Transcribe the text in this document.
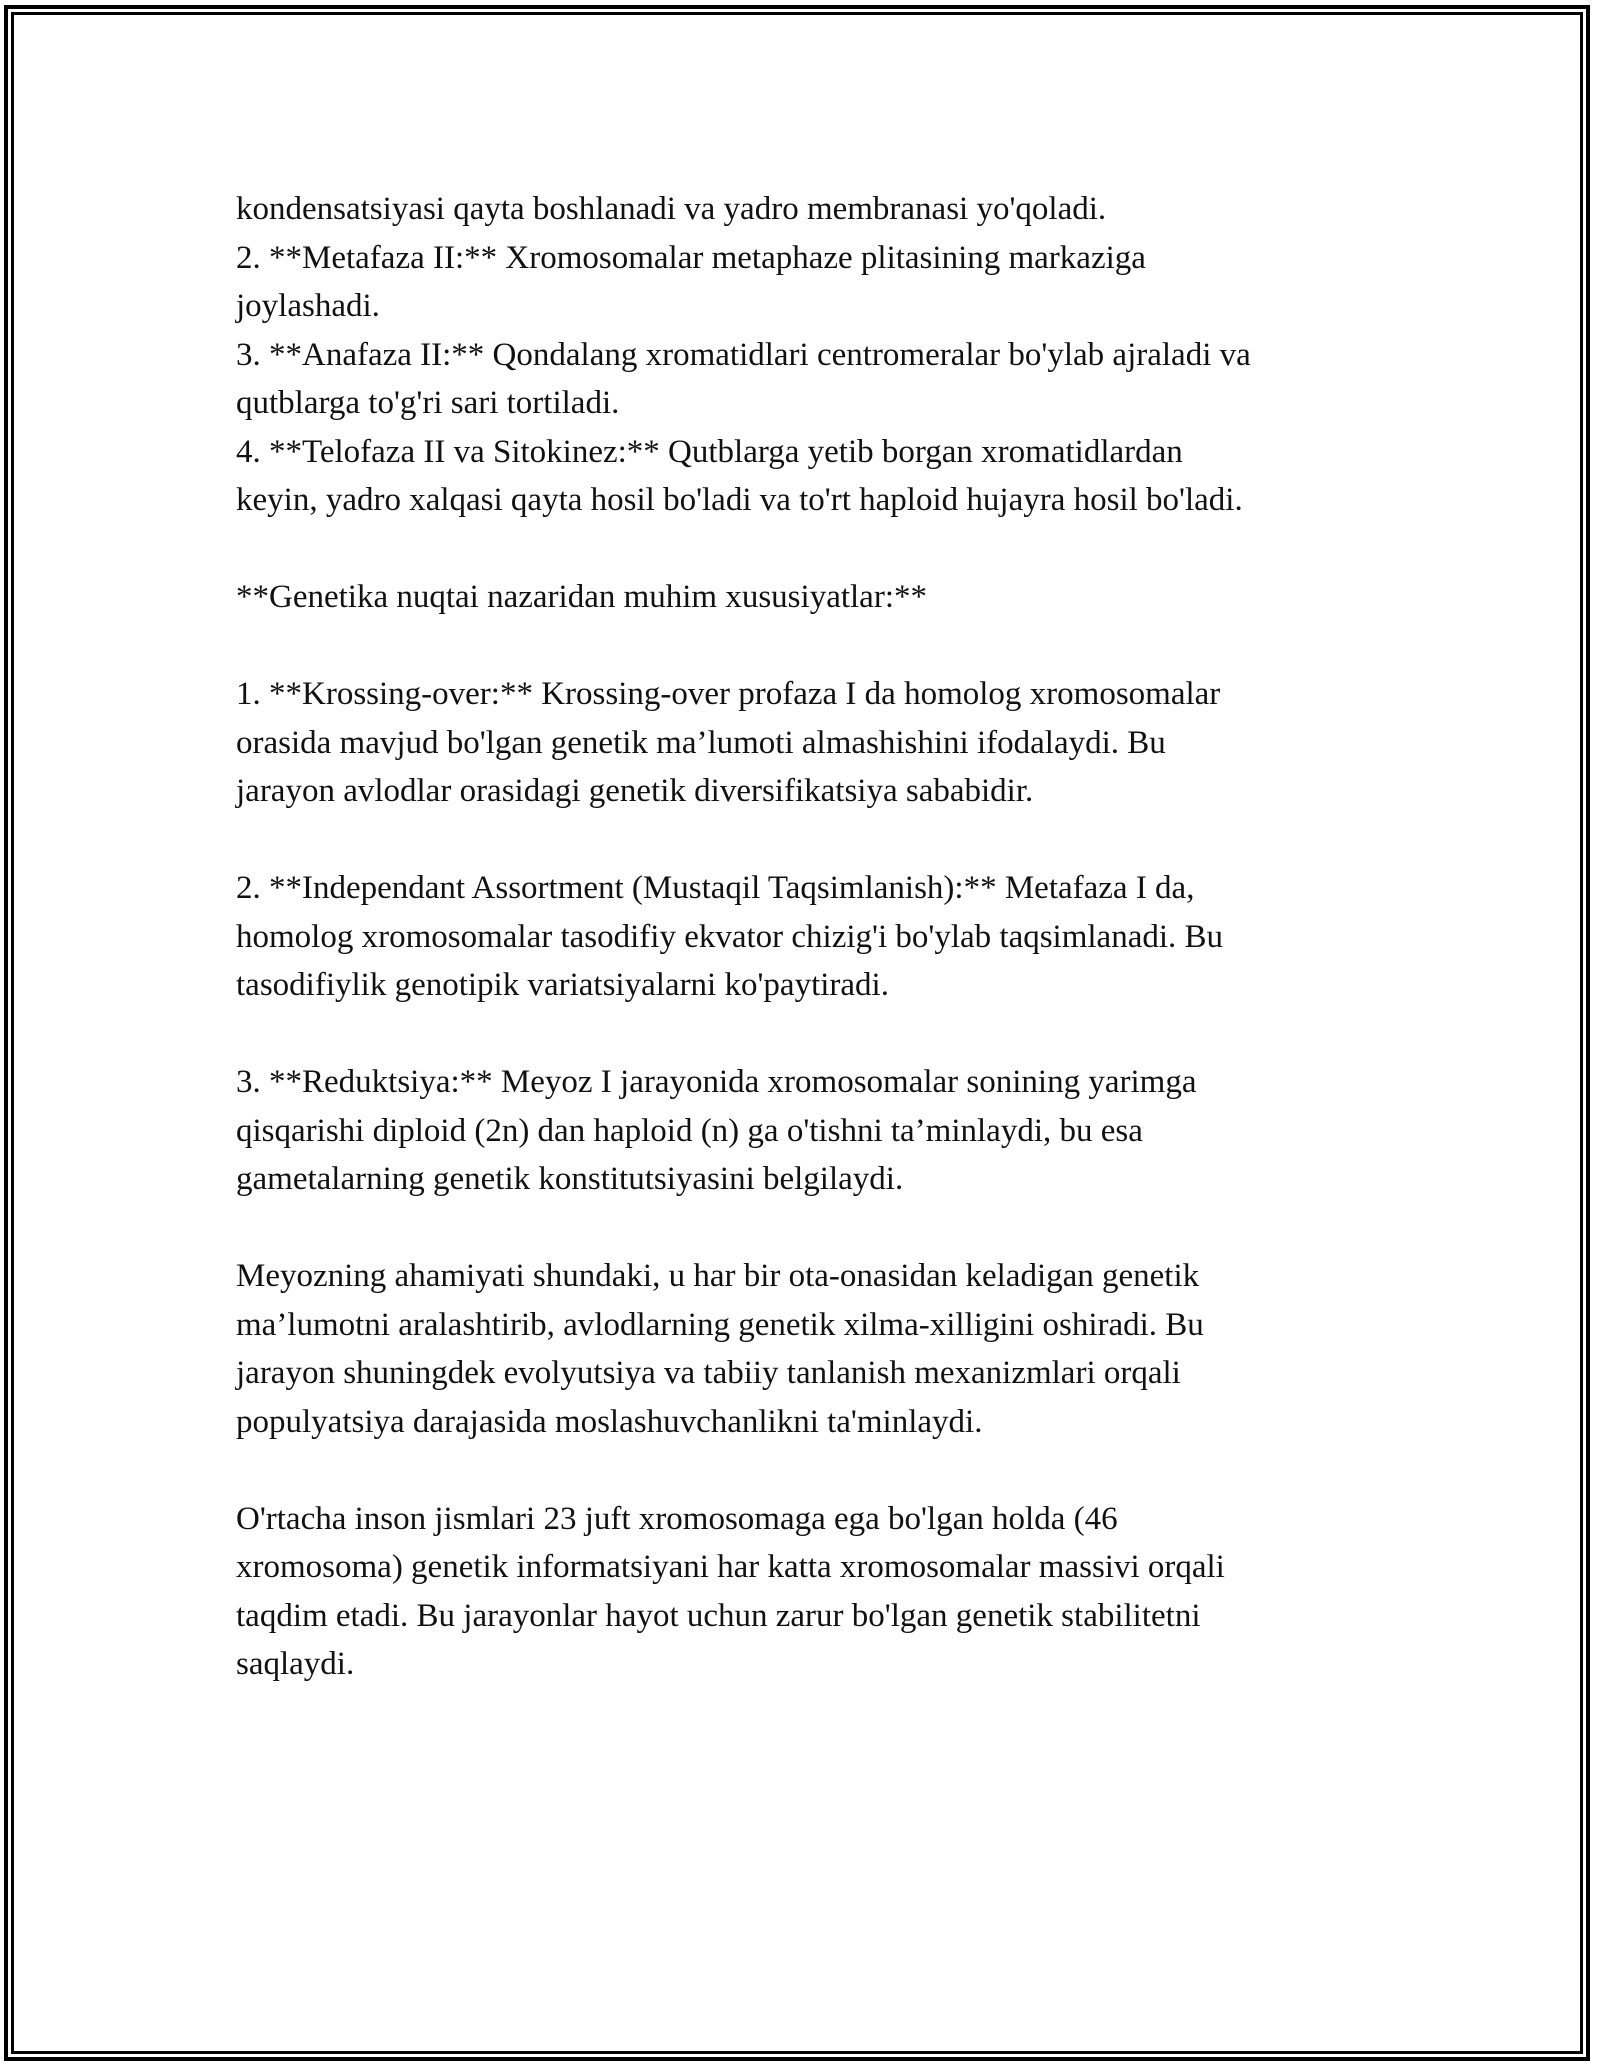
kondensatsiyasi qayta boshlanadi va yadro membranasi yo'qoladi.
2. **Metafaza II:** Xromosomalar metaphaze plitasining markaziga
joylashadi.
3. **Anafaza II:** Qondalang xromatidlari centromeralar bo'ylab ajraladi va
qutblarga to'g'ri sari tortiladi.
4. **Telofaza II va Sitokinez:** Qutblarga yetib borgan xromatidlardan
keyin, yadro xalqasi qayta hosil bo'ladi va to'rt haploid hujayra hosil bo'ladi.
**Genetika nuqtai nazaridan muhim xususiyatlar:**
1. **Krossing-over:** Krossing-over profaza I da homolog xromosomalar
orasida mavjud bo'lgan genetik ma’lumoti almashishini ifodalaydi. Bu
jarayon avlodlar orasidagi genetik diversifikatsiya sababidir.
2. **Independant Assortment (Mustaqil Taqsimlanish):** Metafaza I da,
homolog xromosomalar tasodifiy ekvator chizig'i bo'ylab taqsimlanadi. Bu
tasodifiylik genotipik variatsiyalarni ko'paytiradi.
3. **Reduktsiya:** Meyoz I jarayonida xromosomalar sonining yarimga
qisqarishi diploid (2n) dan haploid (n) ga o'tishni ta’minlaydi, bu esa
gametalarning genetik konstitutsiyasini belgilaydi.
Meyozning ahamiyati shundaki, u har bir ota-onasidan keladigan genetik
ma’lumotni aralashtirib, avlodlarning genetik xilma-xilligini oshiradi. Bu
jarayon shuningdek evolyutsiya va tabiiy tanlanish mexanizmlari orqali
populyatsiya darajasida moslashuvchanlikni ta'minlaydi.
O'rtacha inson jismlari 23 juft xromosomaga ega bo'lgan holda (46
xromosoma) genetik informatsiyani har katta xromosomalar massivi orqali
taqdim etadi. Bu jarayonlar hayot uchun zarur bo'lgan genetik stabilitetni
saqlaydi.
